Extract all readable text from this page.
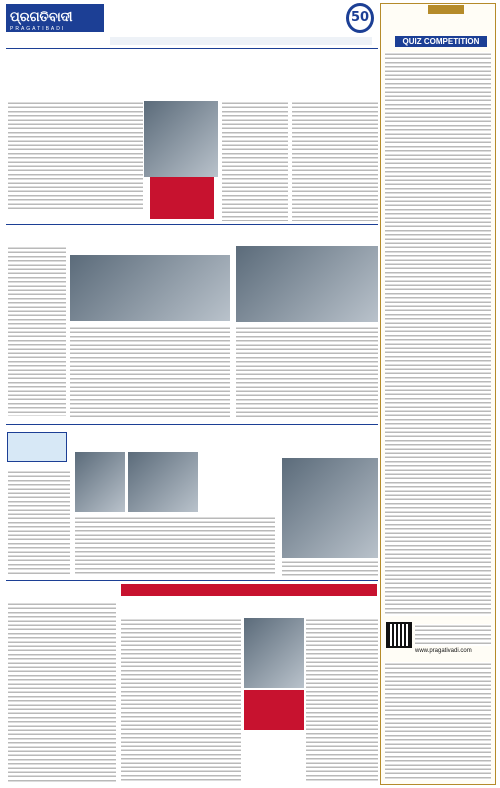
ପ୍ରଗତିବାଦୀ
PRAGATIBADI
50
QUIZ COMPETITION
www.pragativadi.com
